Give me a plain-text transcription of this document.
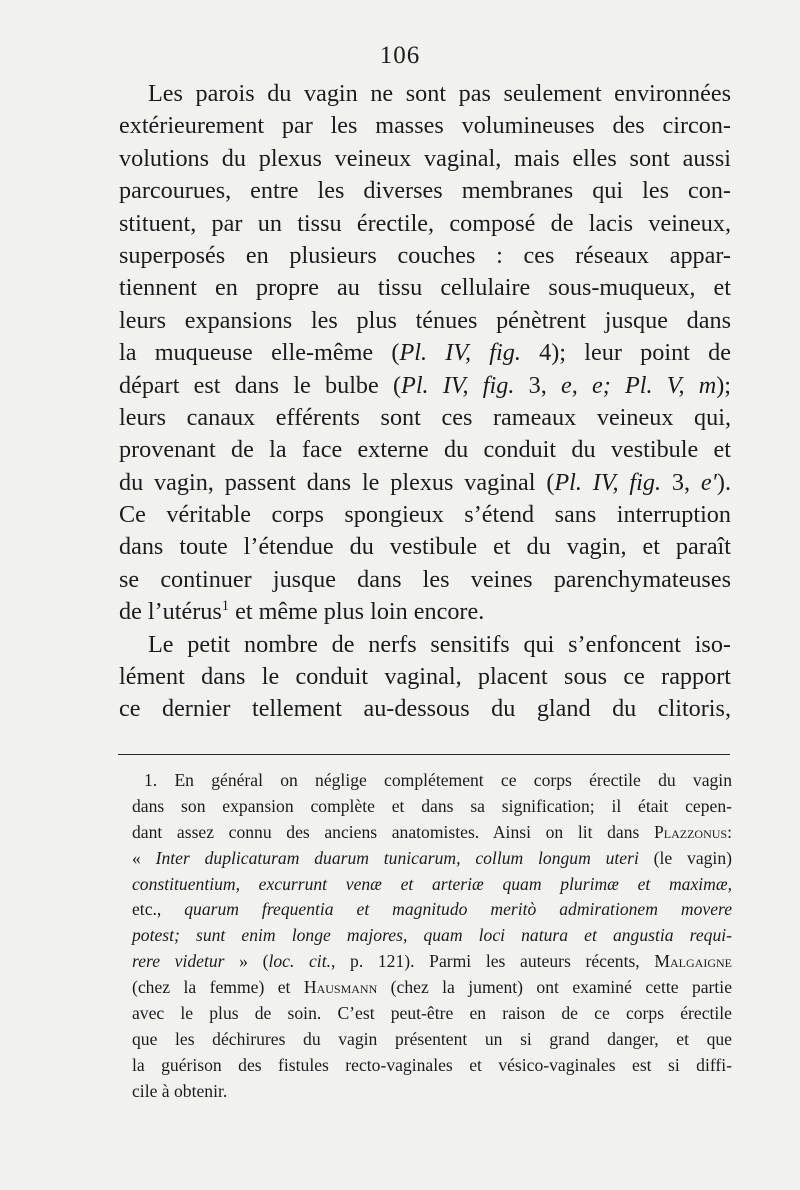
106
Les parois du vagin ne sont pas seulement environnées
extérieurement par les masses volumineuses des circon-
volutions du plexus veineux vaginal, mais elles sont aussi
parcourues, entre les diverses membranes qui les con-
stituent, par un tissu érectile, composé de lacis veineux,
superposés en plusieurs couches : ces réseaux appar-
tiennent en propre au tissu cellulaire sous-muqueux, et
leurs expansions les plus ténues pénètrent jusque dans
la muqueuse elle-même (Pl. IV, fig. 4); leur point de
départ est dans le bulbe (Pl. IV, fig. 3, e, e; Pl. V, m);
leurs canaux efférents sont ces rameaux veineux qui,
provenant de la face externe du conduit du vestibule et
du vagin, passent dans le plexus vaginal (Pl. IV, fig. 3, e′).
Ce véritable corps spongieux s’étend sans interruption
dans toute l’étendue du vestibule et du vagin, et paraît
se continuer jusque dans les veines parenchymateuses
de l’utérus$^1$ et même plus loin encore.
Le petit nombre de nerfs sensitifs qui s’enfoncent iso-
lément dans le conduit vaginal, placent sous ce rapport
ce dernier tellement au-dessous du gland du clitoris,
1. En général on néglige complétement ce corps érectile du vagin
dans son expansion complète et dans sa signification; il était cepen-
dant assez connu des anciens anatomistes. Ainsi on lit dans Plazzonus:
« Inter duplicaturam duarum tunicarum, collum longum uteri (le vagin)
constituentium, excurrunt venæ et arteriæ quam plurimæ et maximæ,
etc., quarum frequentia et magnitudo meritò admirationem movere
potest; sunt enim longe majores, quam loci natura et angustia requi-
rere videtur » (loc. cit., p. 121). Parmi les auteurs récents, Malgaigne
(chez la femme) et Hausmann (chez la jument) ont examiné cette partie
avec le plus de soin. C’est peut-être en raison de ce corps érectile
que les déchirures du vagin présentent un si grand danger, et que
la guérison des fistules recto-vaginales et vésico-vaginales est si diffi-
cile à obtenir.
